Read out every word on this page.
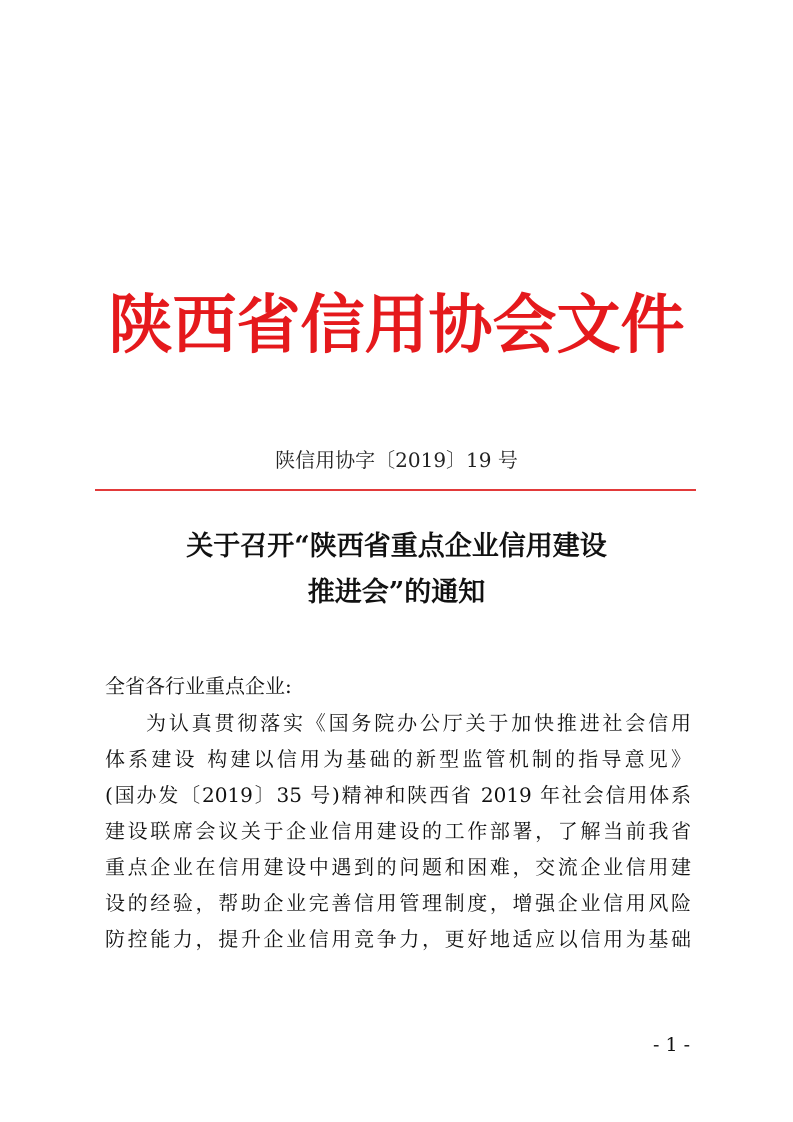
陕西省信用协会文件
陕信用协字〔2019〕19 号
关于召开“陕西省重点企业信用建设
推进会”的通知
全省各行业重点企业:
为认真贯彻落实《国务院办公厅关于加快推进社会信用
体系建设 构建以信用为基础的新型监管机制的指导意见》
(国办发〔2019〕35 号)精神和陕西省 2019 年社会信用体系
建设联席会议关于企业信用建设的工作部署，了解当前我省
重点企业在信用建设中遇到的问题和困难，交流企业信用建
设的经验，帮助企业完善信用管理制度，增强企业信用风险
防控能力，提升企业信用竞争力，更好地适应以信用为基础
- 1 -
